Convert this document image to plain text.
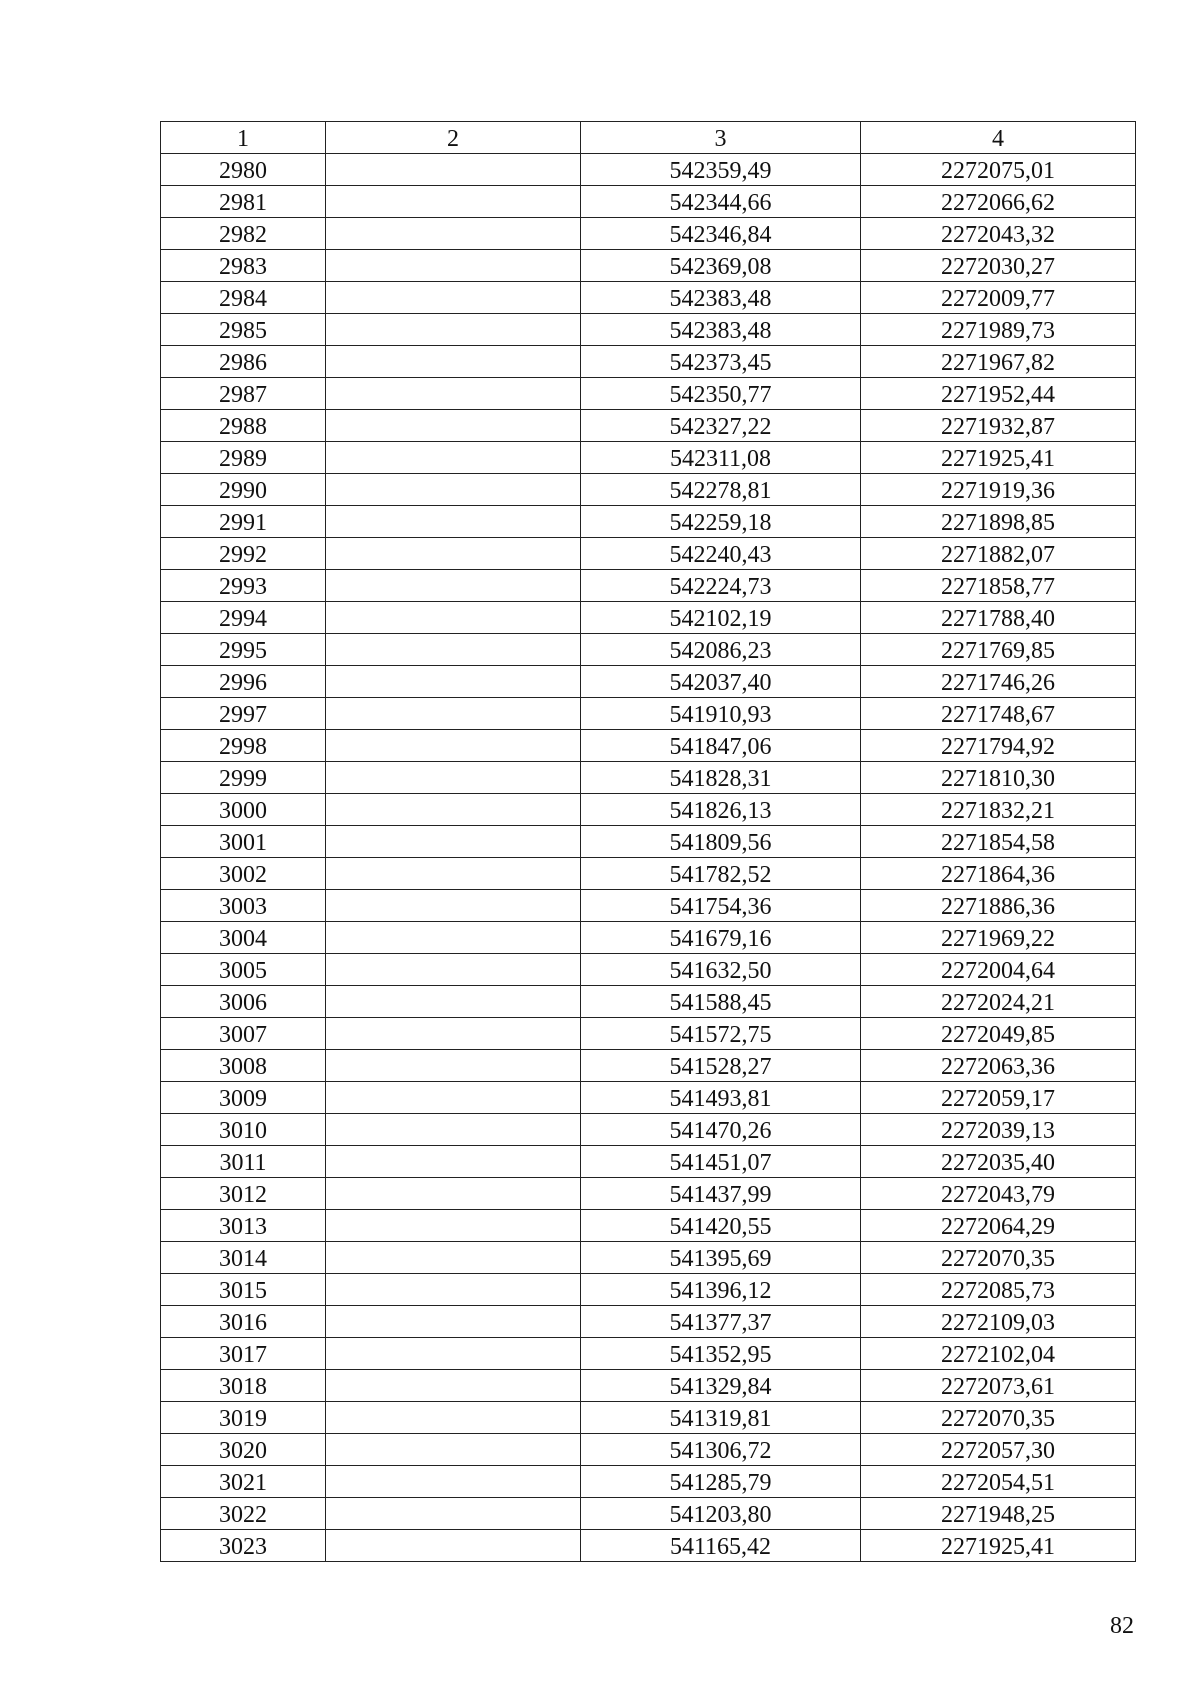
1	2	3	4
2980		542359,49	2272075,01
2981		542344,66	2272066,62
2982		542346,84	2272043,32
2983		542369,08	2272030,27
2984		542383,48	2272009,77
2985		542383,48	2271989,73
2986		542373,45	2271967,82
2987		542350,77	2271952,44
2988		542327,22	2271932,87
2989		542311,08	2271925,41
2990		542278,81	2271919,36
2991		542259,18	2271898,85
2992		542240,43	2271882,07
2993		542224,73	2271858,77
2994		542102,19	2271788,40
2995		542086,23	2271769,85
2996		542037,40	2271746,26
2997		541910,93	2271748,67
2998		541847,06	2271794,92
2999		541828,31	2271810,30
3000		541826,13	2271832,21
3001		541809,56	2271854,58
3002		541782,52	2271864,36
3003		541754,36	2271886,36
3004		541679,16	2271969,22
3005		541632,50	2272004,64
3006		541588,45	2272024,21
3007		541572,75	2272049,85
3008		541528,27	2272063,36
3009		541493,81	2272059,17
3010		541470,26	2272039,13
3011		541451,07	2272035,40
3012		541437,99	2272043,79
3013		541420,55	2272064,29
3014		541395,69	2272070,35
3015		541396,12	2272085,73
3016		541377,37	2272109,03
3017		541352,95	2272102,04
3018		541329,84	2272073,61
3019		541319,81	2272070,35
3020		541306,72	2272057,30
3021		541285,79	2272054,51
3022		541203,80	2271948,25
3023		541165,42	2271925,41
82
